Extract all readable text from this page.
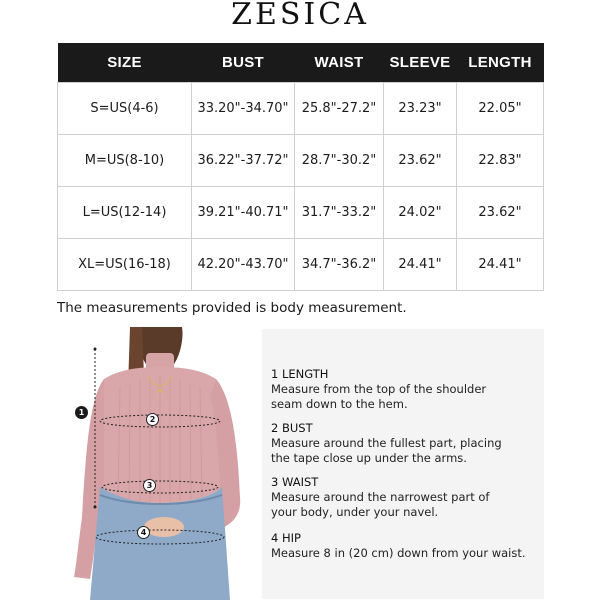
ZESICA
SIZE	BUST	WAIST	SLEEVE	LENGTH
S=US(4-6)	33.20"-34.70"	25.8"-27.2"	23.23"	22.05"
M=US(8-10)	36.22"-37.72"	28.7"-30.2"	23.62"	22.83"
L=US(12-14)	39.21"-40.71"	31.7"-33.2"	24.02"	23.62"
XL=US(16-18)	42.20"-43.70"	34.7"-36.2"	24.41"	24.41"
The measurements provided is body measurement.
1
2
3
4
1 LENGTH
Measure from the top of the shoulder
seam down to the hem.
2 BUST
Measure around the fullest part, placing
the tape close up under the arms.
3 WAIST
Measure around the narrowest part of
your body, under your navel.
4 HIP
Measure 8 in (20 cm) down from your waist.
